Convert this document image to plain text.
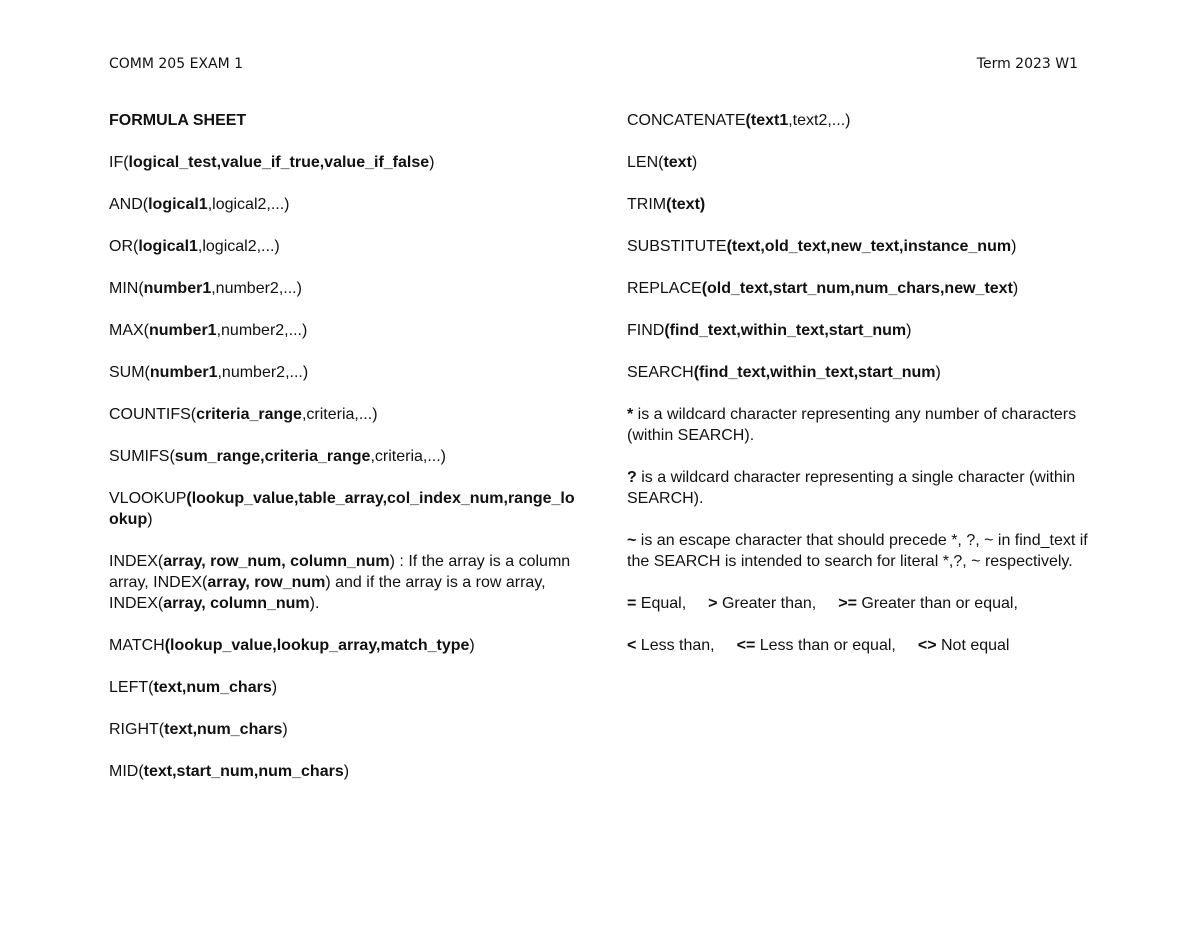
COMM 205 EXAM 1	Term 2023 W1
FORMULA SHEET
IF(logical_test,value_if_true,value_if_false)
AND(logical1,logical2,...)
OR(logical1,logical2,...)
MIN(number1,number2,...)
MAX(number1,number2,...)
SUM(number1,number2,...)
COUNTIFS(criteria_range,criteria,...)
SUMIFS(sum_range,criteria_range,criteria,...)
VLOOKUP(lookup_value,table_array,col_index_num,range_lookup)
INDEX(array, row_num, column_num) : If the array is a column array, INDEX(array, row_num) and if the array is a row array, INDEX(array, column_num).
MATCH(lookup_value,lookup_array,match_type)
LEFT(text,num_chars)
RIGHT(text,num_chars)
MID(text,start_num,num_chars)
CONCATENATE(text1,text2,...)
LEN(text)
TRIM(text)
SUBSTITUTE(text,old_text,new_text,instance_num)
REPLACE(old_text,start_num,num_chars,new_text)
FIND(find_text,within_text,start_num)
SEARCH(find_text,within_text,start_num)
* is a wildcard character representing any number of characters (within SEARCH).
? is a wildcard character representing a single character (within SEARCH).
~ is an escape character that should precede *, ?, ~ in find_text if the SEARCH is intended to search for literal *,?, ~ respectively.
= Equal, > Greater than, >= Greater than or equal,
< Less than, <= Less than or equal, <> Not equal
